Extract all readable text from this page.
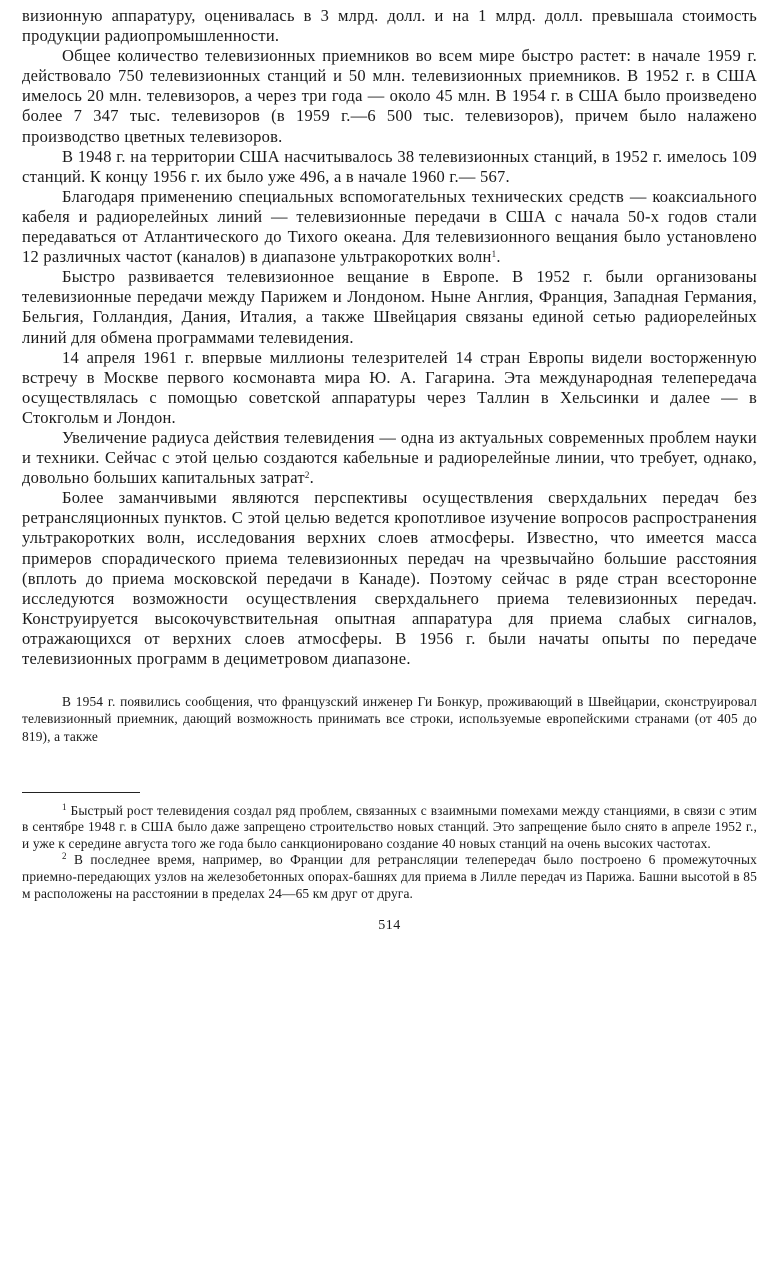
визионную аппаратуру, оценивалась в 3 млрд. долл. и на 1 млрд. долл. превышала стоимость продукции радиопромышленности.

Общее количество телевизионных приемников во всем мире быстро растет: в начале 1959 г. действовало 750 телевизионных станций и 50 млн. телевизионных приемников. В 1952 г. в США имелось 20 млн. телевизоров, а через три года — около 45 млн. В 1954 г. в США было произведено более 7 347 тыс. телевизоров (в 1959 г.—6 500 тыс. телевизоров), причем было налажено производство цветных телевизоров.

В 1948 г. на территории США насчитывалось 38 телевизионных станций, в 1952 г. имелось 109 станций. К концу 1956 г. их было уже 496, а в начале 1960 г.— 567.

Благодаря применению специальных вспомогательных технических средств — коаксиального кабеля и радиорелейных линий — телевизионные передачи в США с начала 50-х годов стали передаваться от Атлантического до Тихого океана. Для телевизионного вещания было установлено 12 различных частот (каналов) в диапазоне ультракоротких волн$^1$.

Быстро развивается телевизионное вещание в Европе. В 1952 г. были организованы телевизионные передачи между Парижем и Лондоном. Ныне Англия, Франция, Западная Германия, Бельгия, Голландия, Дания, Италия, а также Швейцария связаны единой сетью радиорелейных линий для обмена программами телевидения.

14 апреля 1961 г. впервые миллионы телезрителей 14 стран Европы видели восторженную встречу в Москве первого космонавта мира Ю. А. Гагарина. Эта международная телепередача осуществлялась с помощью советской аппаратуры через Таллин в Хельсинки и далее — в Стокгольм и Лондон.

Увеличение радиуса действия телевидения — одна из актуальных современных проблем науки и техники. Сейчас с этой целью создаются кабельные и радиорелейные линии, что требует, однако, довольно больших капитальных затрат$^2$.

Более заманчивыми являются перспективы осуществления сверхдальних передач без ретрансляционных пунктов. С этой целью ведется кропотливое изучение вопросов распространения ультракоротких волн, исследования верхних слоев атмосферы. Известно, что имеется масса примеров спорадического приема телевизионных передач на чрезвычайно большие расстояния (вплоть до приема московской передачи в Канаде). Поэтому сейчас в ряде стран всесторонне исследуются возможности осуществления сверхдальнего приема телевизионных передач. Конструируется высокочувствительная опытная аппаратура для приема слабых сигналов, отражающихся от верхних слоев атмосферы. В 1956 г. были начаты опыты по передаче телевизионных программ в дециметровом диапазоне.

В 1954 г. появились сообщения, что французский инженер Ги Бонкур, проживающий в Швейцарии, сконструировал телевизионный приемник, дающий возможность принимать все строки, используемые европейскими странами (от 405 до 819), а также

$^1$ Быстрый рост телевидения создал ряд проблем, связанных с взаимными помехами между станциями, в связи с этим в сентябре 1948 г. в США было даже запрещено строительство новых станций. Это запрещение было снято в апреле 1952 г., и уже к середине августа того же года было санкционировано создание 40 новых станций на очень высоких частотах.

$^2$ В последнее время, например, во Франции для ретрансляции телепередач было построено 6 промежуточных приемно-передающих узлов на железобетонных опорах-башнях для приема в Лилле передач из Парижа. Башни высотой в 85 м расположены на расстоянии в пределах 24—65 км друг от друга.

514
